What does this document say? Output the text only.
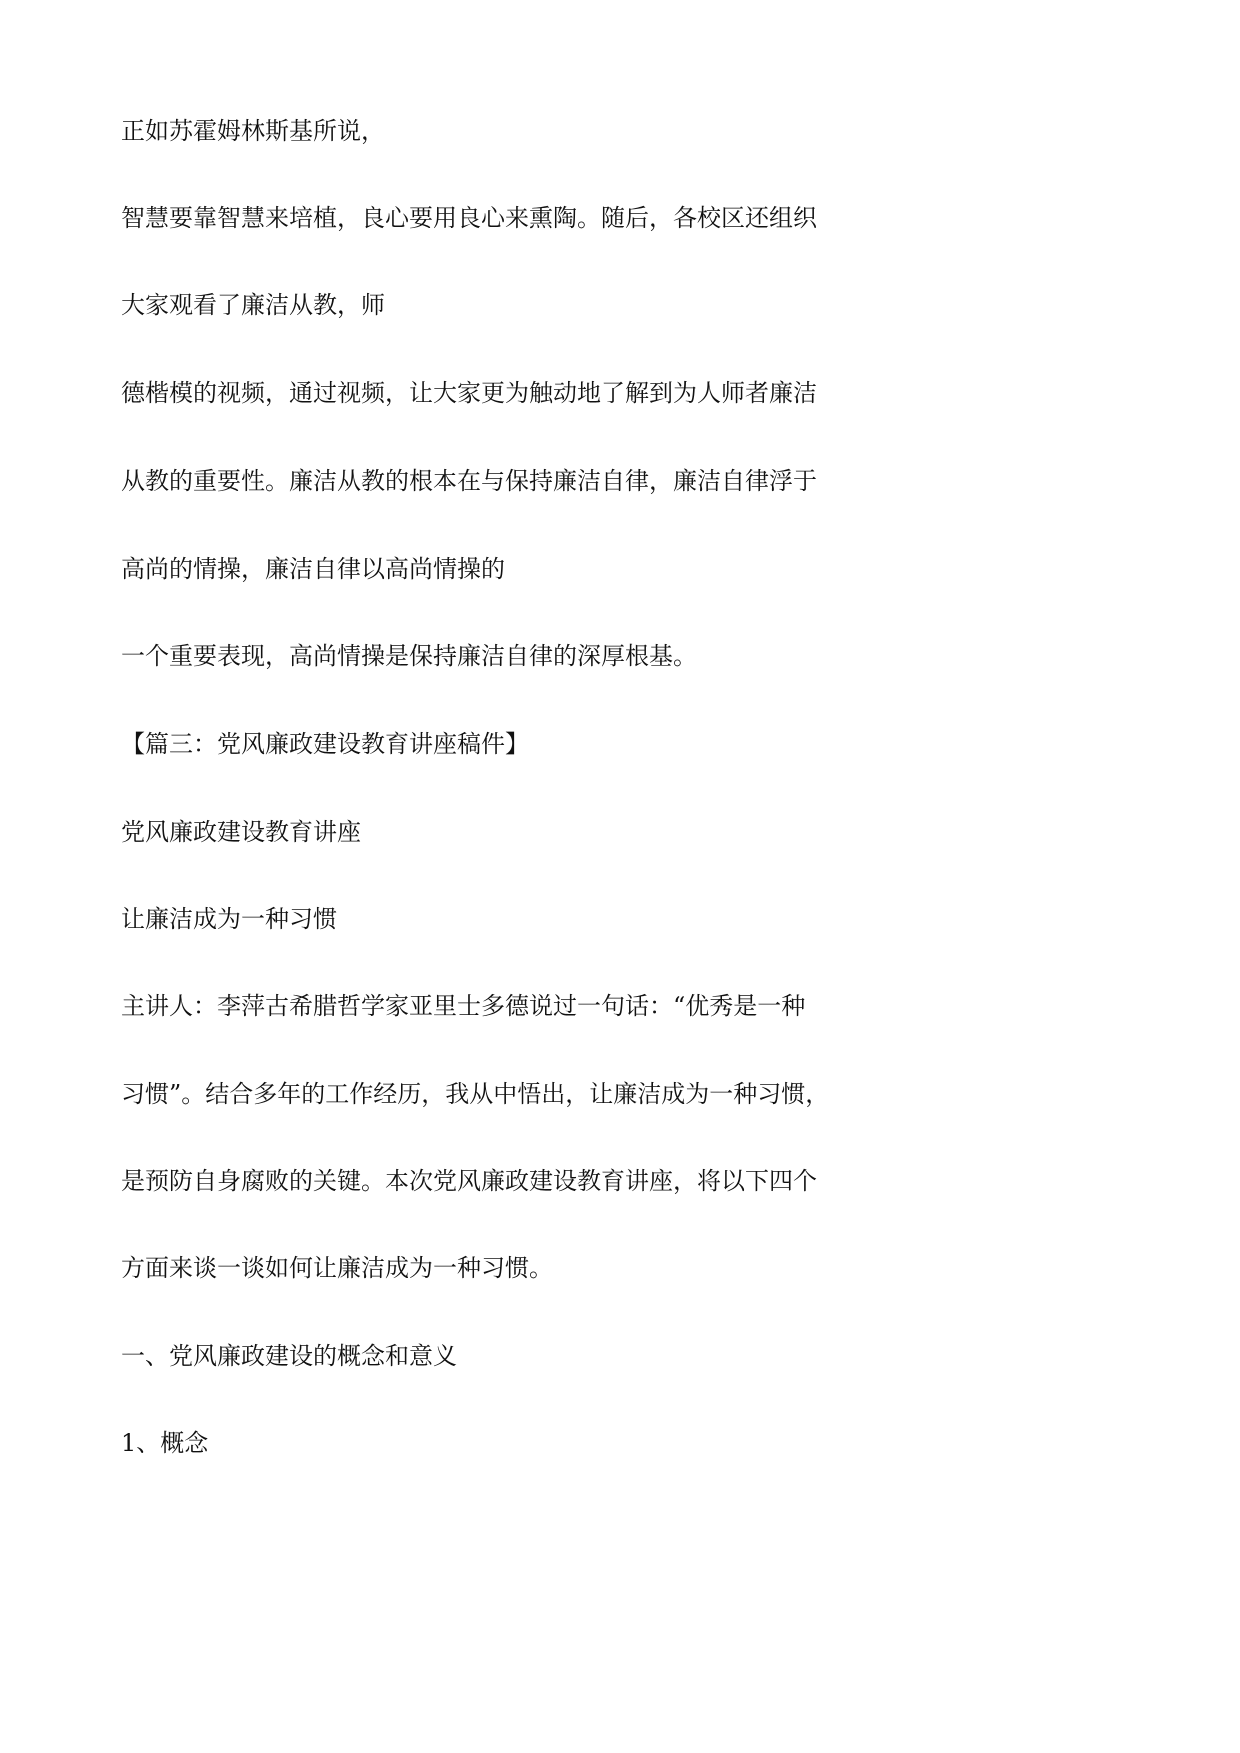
正如苏霍姆林斯基所说，
智慧要靠智慧来培植，良心要用良心来熏陶。随后，各校区还组织
大家观看了廉洁从教，师
德楷模的视频，通过视频，让大家更为触动地了解到为人师者廉洁
从教的重要性。廉洁从教的根本在与保持廉洁自律，廉洁自律浮于
高尚的情操，廉洁自律以高尚情操的
一个重要表现，高尚情操是保持廉洁自律的深厚根基。
【篇三：党风廉政建设教育讲座稿件】
党风廉政建设教育讲座
让廉洁成为一种习惯
主讲人：李萍古希腊哲学家亚里士多德说过一句话：“优秀是一种
习惯”。结合多年的工作经历，我从中悟出，让廉洁成为一种习惯，
是预防自身腐败的关键。本次党风廉政建设教育讲座，将以下四个
方面来谈一谈如何让廉洁成为一种习惯。
一、党风廉政建设的概念和意义
1、概念
